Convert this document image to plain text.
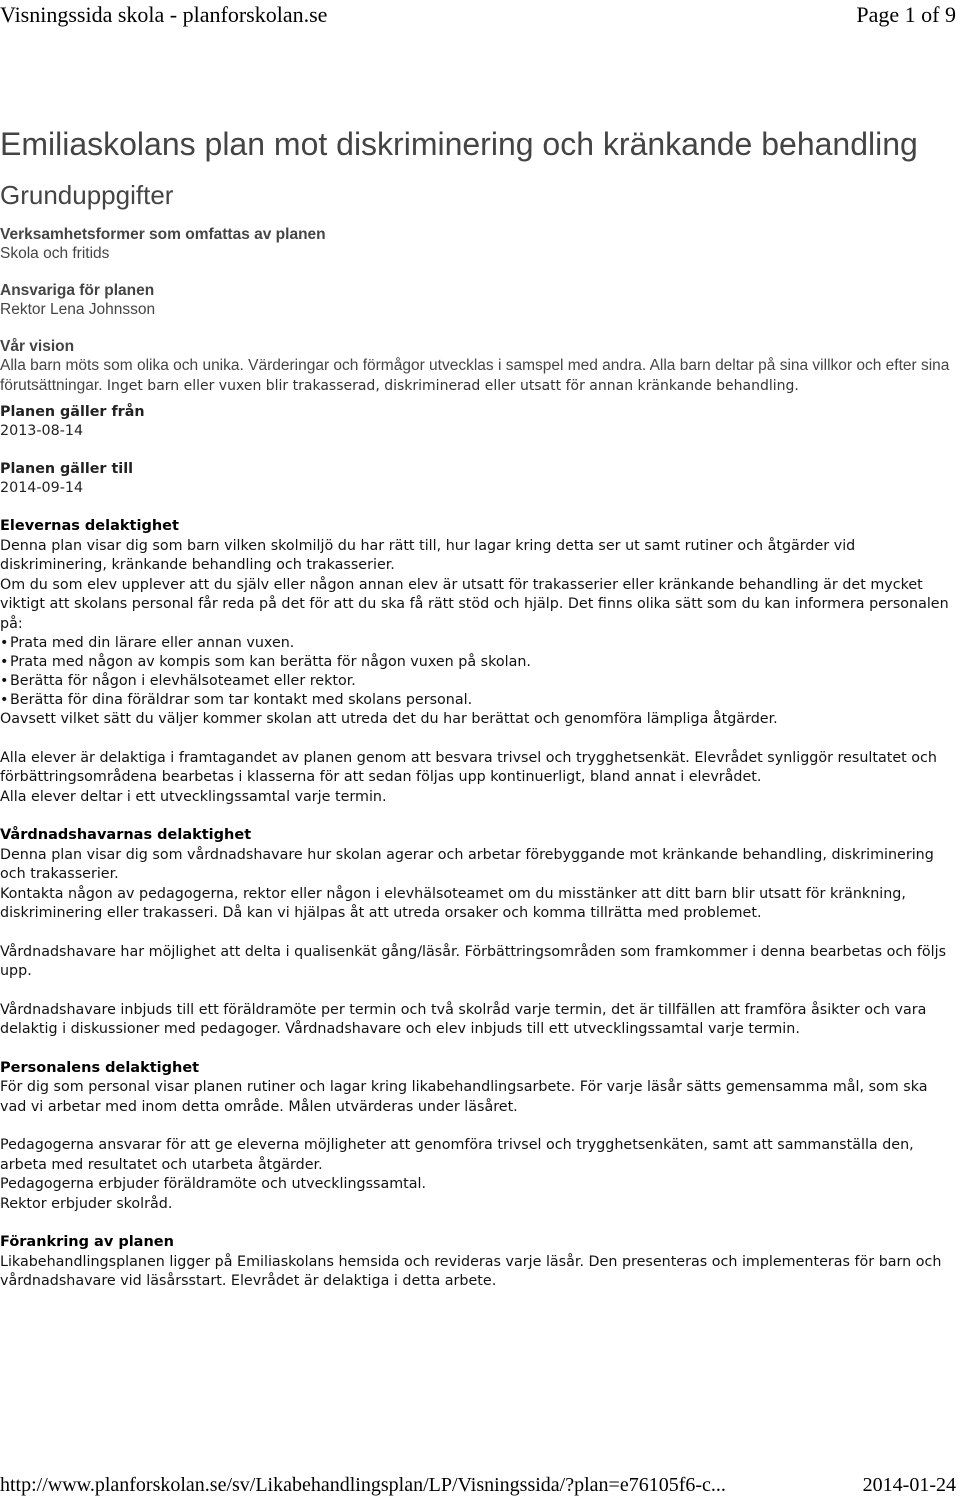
Visningssida skola - planforskolan.se	Page 1 of 9
Emiliaskolans plan mot diskriminering och kränkande behandling
Grunduppgifter
Verksamhetsformer som omfattas av planen
Skola och fritids
Ansvariga för planen
Rektor Lena Johnsson
Vår vision
Alla barn möts som olika och unika. Värderingar och förmågor utvecklas i samspel med andra. Alla barn deltar på sina villkor och efter sina förutsättningar. Inget barn eller vuxen blir trakasserad, diskriminerad eller utsatt för annan kränkande behandling.
Planen gäller från
2013-08-14
Planen gäller till
2014-09-14

Elevernas delaktighet

Denna plan visar dig som barn vilken skolmiljö du har rätt till, hur lagar kring detta ser ut samt rutiner och åtgärder vid diskriminering, kränkande behandling och trakasserier.

Om du som elev upplever att du själv eller någon annan elev är utsatt för trakasserier eller kränkande behandling är det mycket viktigt att skolans personal får reda på det för att du ska få rätt stöd och hjälp. Det finns olika sätt som du kan informera personalen på:

• Prata med din lärare eller annan vuxen.
• Prata med någon av kompis som kan berätta för någon vuxen på skolan.
• Berätta för någon i elevhälsoteamet eller rektor.
• Berätta för dina föräldrar som tar kontakt med skolans personal.

Oavsett vilket sätt du väljer kommer skolan att utreda det du har berättat och genomföra lämpliga åtgärder.

Alla elever är delaktiga i framtagandet av planen genom att besvara trivsel och trygghetsenkät. Elevrådet synliggör resultatet och förbättringsområdena bearbetas i klasserna för att sedan följas upp kontinuerligt, bland annat i elevrådet.

Alla elever deltar i ett utvecklingssamtal varje termin.

Vårdnadshavarnas delaktighet

Denna plan visar dig som vårdnadshavare hur skolan agerar och arbetar förebyggande mot kränkande behandling, diskriminering och trakasserier.

Kontakta någon av pedagogerna, rektor eller någon i elevhälsoteamet om du misstänker att ditt barn blir utsatt för kränkning, diskriminering eller trakasseri. Då kan vi hjälpas åt att utreda orsaker och komma tillrätta med problemet.

Vårdnadshavare har möjlighet att delta i qualisenkät gång/läsår. Förbättringsområden som framkommer i denna bearbetas och följs upp.

Vårdnadshavare inbjuds till ett föräldramöte per termin och två skolråd varje termin, det är tillfällen att framföra åsikter och vara delaktig i diskussioner med pedagoger. Vårdnadshavare och elev inbjuds till ett utvecklingssamtal varje termin.

Personalens delaktighet

För dig som personal visar planen rutiner och lagar kring likabehandlingsarbete. För varje läsår sätts gemensamma mål, som ska vad vi arbetar med inom detta område. Målen utvärderas under läsåret.

Pedagogerna ansvarar för att ge eleverna möjligheter att genomföra trivsel och trygghetsenkäten, samt att sammanställa den, arbeta med resultatet och utarbeta åtgärder.

Pedagogerna erbjuder föräldramöte och utvecklingssamtal.

Rektor erbjuder skolråd.

Förankring av planen

Likabehandlingsplanen ligger på Emiliaskolans hemsida och revideras varje läsår. Den presenteras och implementeras för barn och vårdnadshavare vid läsårsstart. Elevrådet är delaktiga i detta arbete.

http://www.planforskolan.se/sv/Likabehandlingsplan/LP/Visningssida/?plan=e76105f6-c...	2014-01-24
